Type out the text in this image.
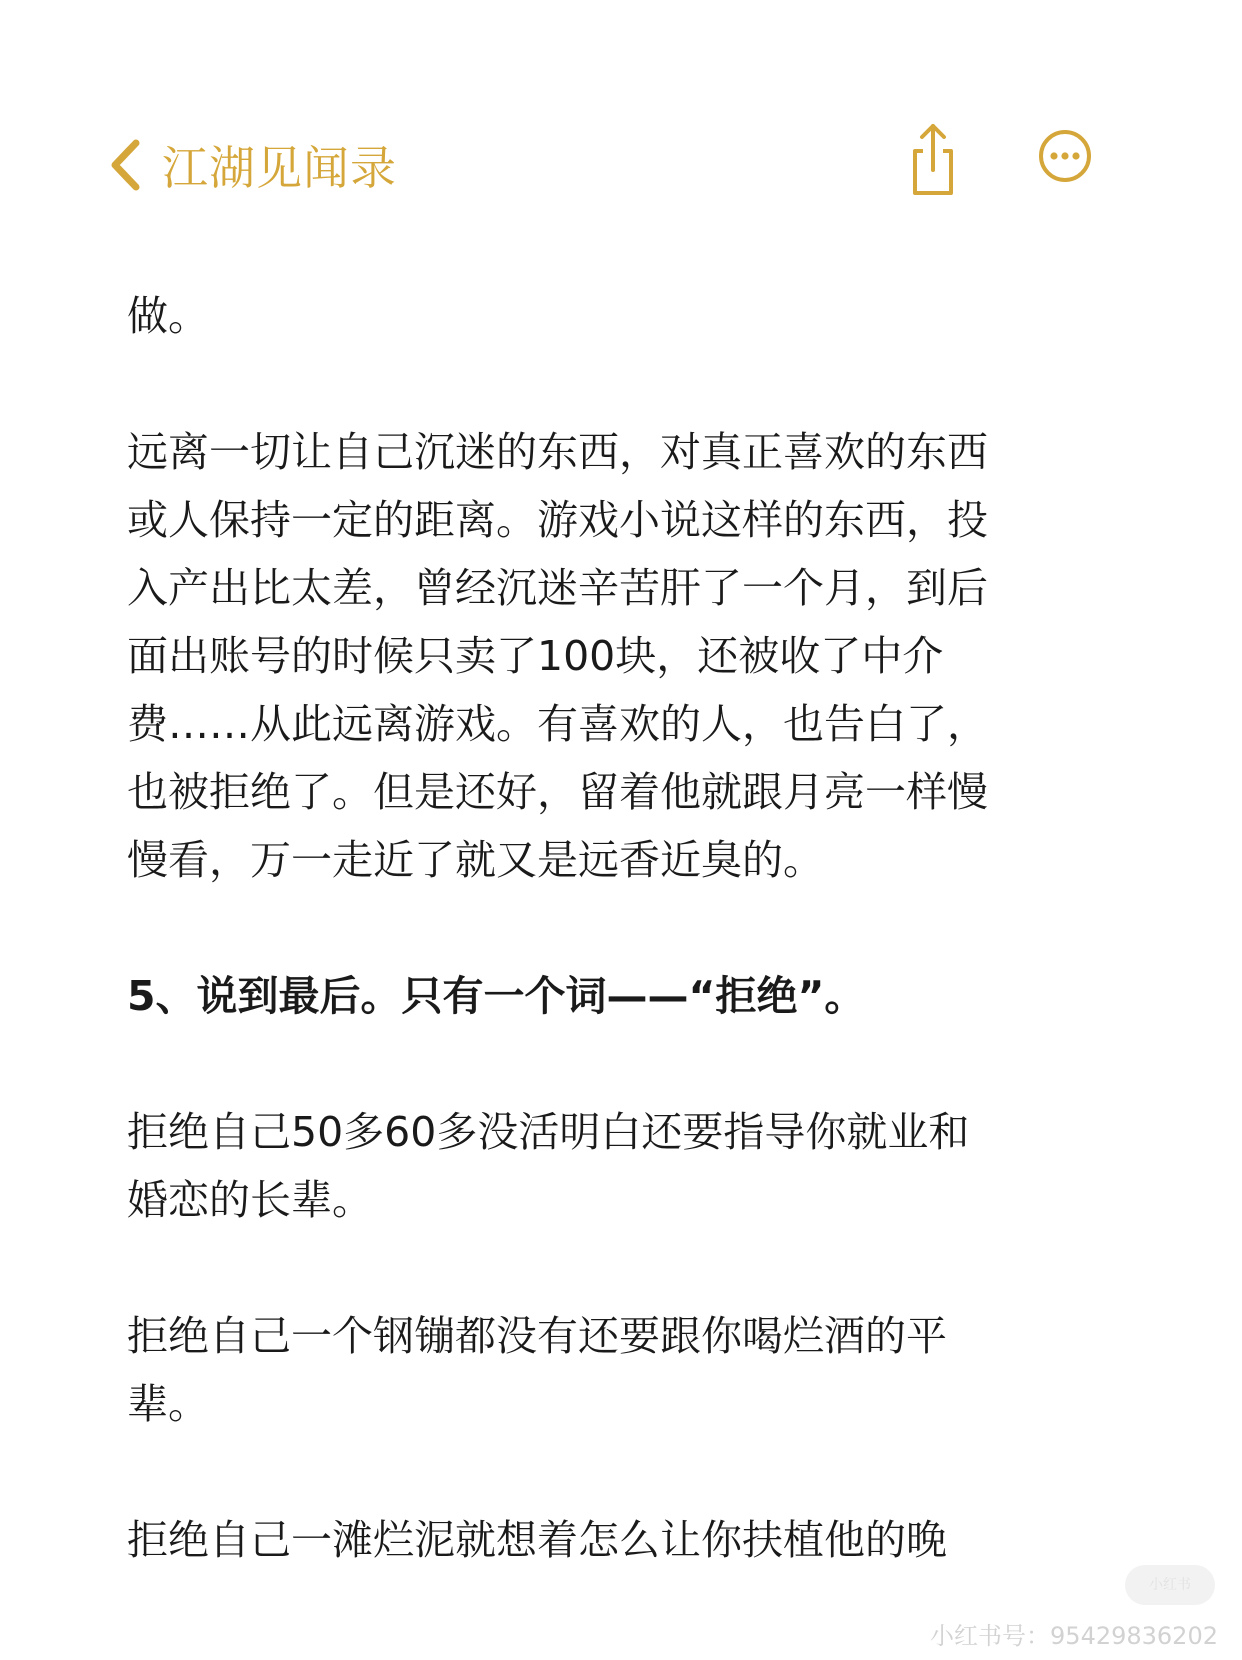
江湖见闻录

做。

远离一切让自己沉迷的东西，对真正喜欢的东西
或人保持一定的距离。游戏小说这样的东西，投
入产出比太差，曾经沉迷辛苦肝了一个月，到后
面出账号的时候只卖了100块，还被收了中介
费……从此远离游戏。有喜欢的人，也告白了，
也被拒绝了。但是还好，留着他就跟月亮一样慢
慢看，万一走近了就又是远香近臭的。

5、说到最后。只有一个词——“拒绝”。

拒绝自己50多60多没活明白还要指导你就业和
婚恋的长辈。

拒绝自己一个钢镚都没有还要跟你喝烂酒的平
辈。

拒绝自己一滩烂泥就想着怎么让你扶植他的晚

小红书
小红书号：95429836202
